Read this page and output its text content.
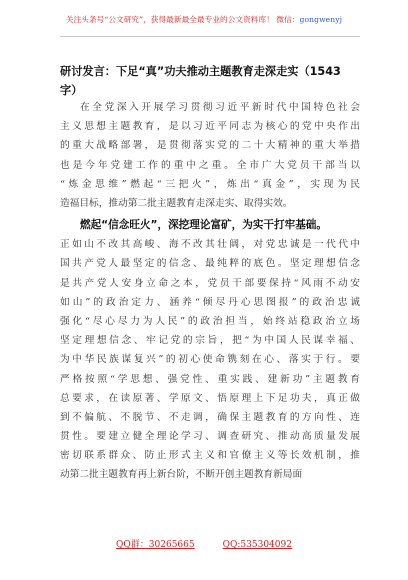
关注头条号“公文研究”，获得最新最全最专业的公文资料库！ 微信：gongwenyj
研讨发言：下足“真”功夫推动主题教育走深走实（1543
字）
在全党深入开展学习贯彻习近平新时代中国特色社会
主义思想主题教育，是以习近平同志为核心的党中央作出
的重大战略部署，是贯彻落实党的二十大精神的重大举措
也是今年党建工作的重中之重。全市广大党员干部当以
“炼金思维”燃起“三把火”，炼出“真金”，实现为民
造福目标，推动第二批主题教育走深走实、取得实效。
燃起“信念旺火”，深挖理论富矿，为实干打牢基础。
正如山不改其高峻、海不改其壮阔，对党忠诚是一代代中
国共产党人最坚定的信念、最纯粹的底色。坚定理想信念
是共产党人安身立命之本，党员干部要保持“风雨不动安
如山”的政治定力、涵养“倾尽丹心思图报”的政治忠诚
强化“尽心尽力为人民”的政治担当，始终站稳政治立场
坚定理想信念、牢记党的宗旨，把“为中国人民谋幸福、
为中华民族谋复兴”的初心使命镌刻在心、落实于行。要
严格按照“学思想、强党性、重实践、建新功”主题教育
总要求，在读原著、学原文、悟原理上下足功夫，真正做
到不偏航、不脱节、不走调，确保主题教育的方向性、连
贯性。要建立健全理论学习、调查研究、推动高质量发展
密切联系群众、防止形式主义和官僚主义等长效机制，推
动第二批主题教育再上新台阶，不断开创主题教育新局面
QQ群：30265665	QQ:535304092
